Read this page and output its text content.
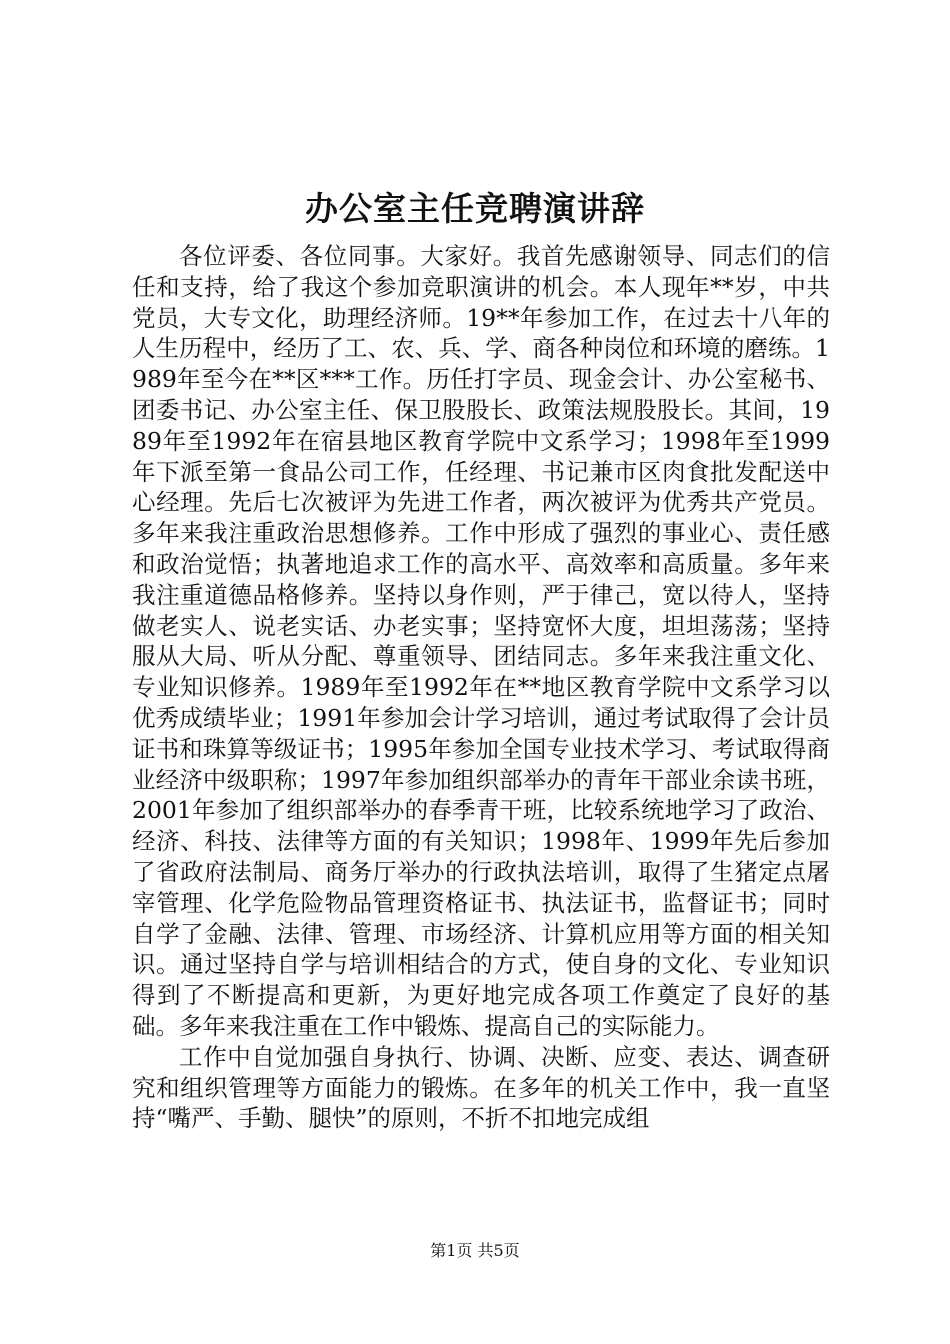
办公室主任竞聘演讲辞

各位评委、各位同事。大家好。我首先感谢领导、同志们的信任和支持，给了我这个参加竞职演讲的机会。本人现年**岁，中共党员，大专文化，助理经济师。19**年参加工作，在过去十八年的人生历程中，经历了工、农、兵、学、商各种岗位和环境的磨练。1989年至今在**区***工作。历任打字员、现金会计、办公室秘书、团委书记、办公室主任、保卫股股长、政策法规股股长。其间，1989年至1992年在宿县地区教育学院中文系学习；1998年至1999年下派至第一食品公司工作，任经理、书记兼市区肉食批发配送中心经理。先后七次被评为先进工作者，两次被评为优秀共产党员。多年来我注重政治思想修养。工作中形成了强烈的事业心、责任感和政治觉悟；执著地追求工作的高水平、高效率和高质量。多年来我注重道德品格修养。坚持以身作则，严于律己，宽以待人，坚持做老实人、说老实话、办老实事；坚持宽怀大度，坦坦荡荡；坚持服从大局、听从分配、尊重领导、团结同志。多年来我注重文化、专业知识修养。1989年至1992年在**地区教育学院中文系学习以优秀成绩毕业；1991年参加会计学习培训，通过考试取得了会计员证书和珠算等级证书；1995年参加全国专业技术学习、考试取得商业经济中级职称；1997年参加组织部举办的青年干部业余读书班，2001年参加了组织部举办的春季青干班，比较系统地学习了政治、经济、科技、法律等方面的有关知识；1998年、1999年先后参加了省政府法制局、商务厅举办的行政执法培训，取得了生猪定点屠宰管理、化学危险物品管理资格证书、执法证书，监督证书；同时自学了金融、法律、管理、市场经济、计算机应用等方面的相关知识。通过坚持自学与培训相结合的方式，使自身的文化、专业知识得到了不断提高和更新，为更好地完成各项工作奠定了良好的基础。多年来我注重在工作中锻炼、提高自己的实际能力。

工作中自觉加强自身执行、协调、决断、应变、表达、调查研究和组织管理等方面能力的锻炼。在多年的机关工作中，我一直坚持“嘴严、手勤、腿快”的原则，不折不扣地完成组

第1页 共5页
